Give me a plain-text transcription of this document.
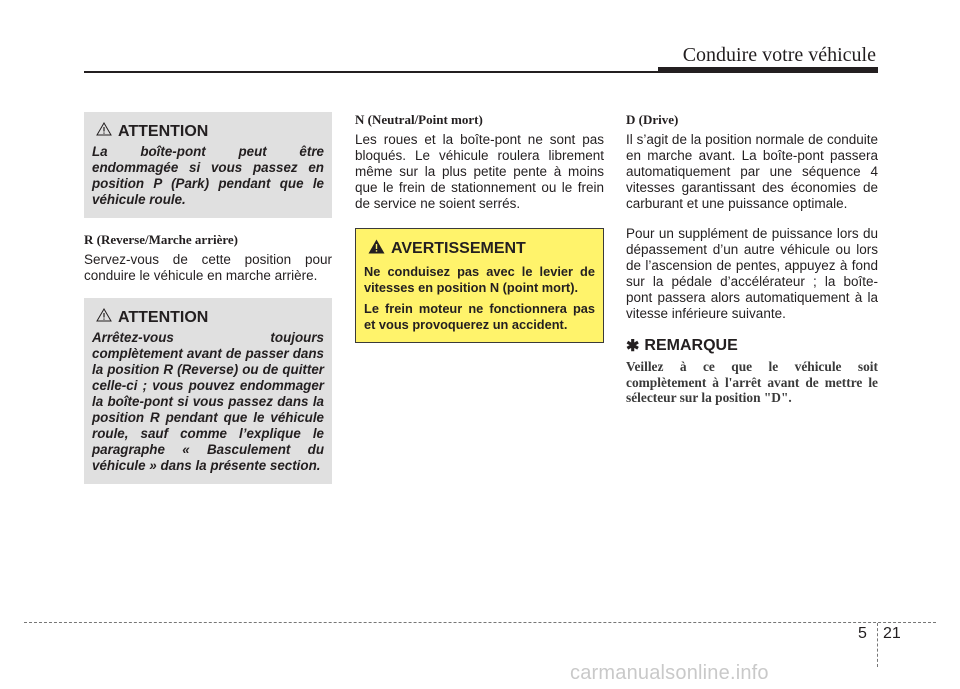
Conduire votre véhicule
ATTENTION
La boîte-pont peut être endommagée si vous passez en position P (Park) pendant que le véhicule roule.
R (Reverse/Marche arrière)

Servez-vous de cette position pour conduire le véhicule en marche arrière.

ATTENTION
Arrêtez-vous toujours complètement avant de passer dans la position R (Reverse) ou de quitter celle-ci ; vous pouvez endommager la boîte-pont si vous passez dans la position R pendant que le véhicule roule, sauf comme l’explique le paragraphe « Basculement du véhicule » dans la présente section.
N (Neutral/Point mort)

Les roues et la boîte-pont ne sont pas bloqués. Le véhicule roulera librement même sur la plus petite pente à moins que le frein de stationnement ou le frein de service ne soient serrés.

AVERTISSEMENT

Ne conduisez pas avec le levier de vitesses en position N (point mort).

Le frein moteur ne fonctionnera pas et vous provoquerez un accident.

D (Drive)

Il s’agit de la position normale de conduite en marche avant. La boîte-pont passera automatiquement par une séquence 4 vitesses garantissant des économies de carburant et une puissance optimale.

Pour un supplément de puissance lors du dépassement d’un autre véhicule ou lors de l’ascension de pentes, appuyez à fond sur la pédale d’accélérateur ; la boîte-pont passera alors automatiquement à la vitesse inférieure suivante.

✱ REMARQUE
Veillez à ce que le véhicule soit complètement à l'arrêt avant de mettre le sélecteur sur la position "D".
5 21
carmanualsonline.info
